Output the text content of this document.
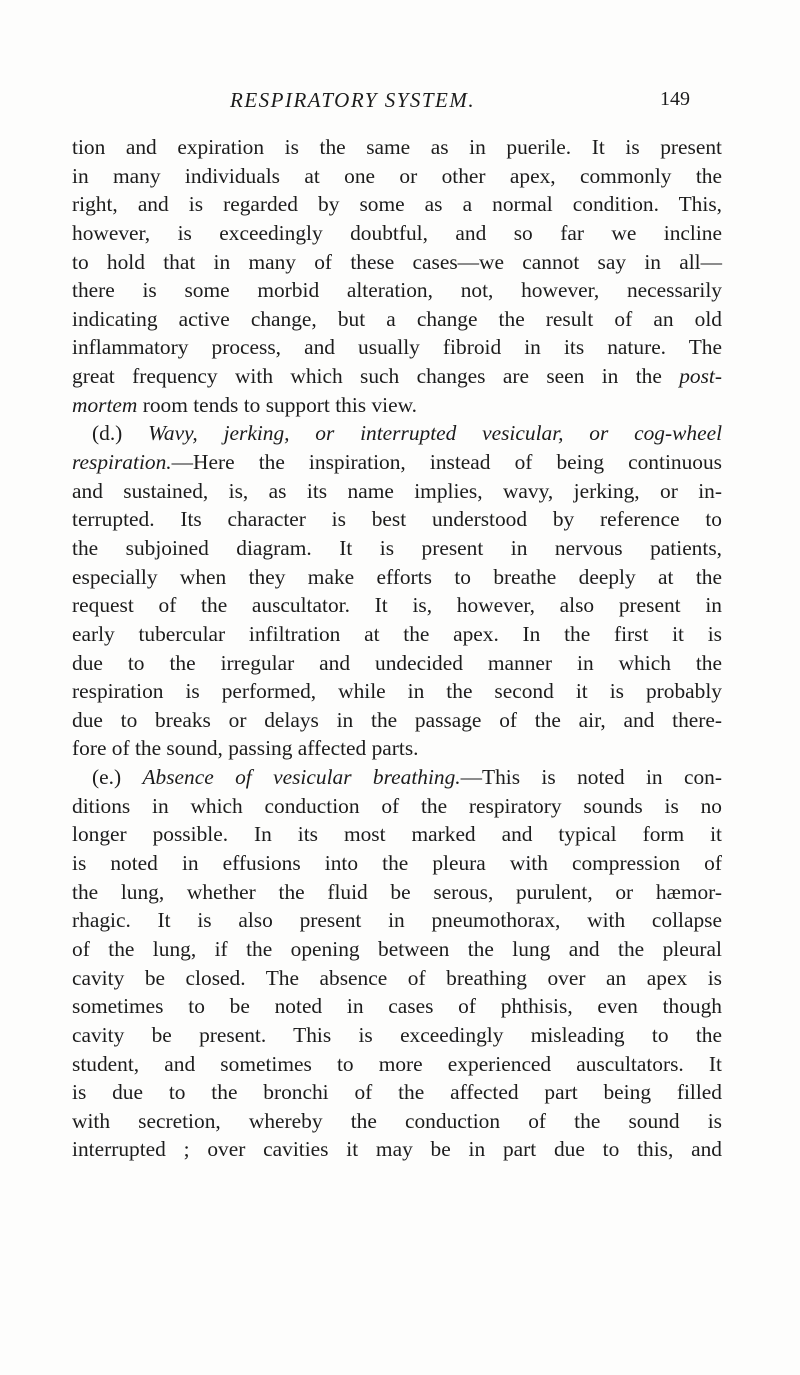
RESPIRATORY SYSTEM.	149
tion and expiration is the same as in puerile. It is present
in many individuals at one or other apex, commonly the
right, and is regarded by some as a normal condition. This,
however, is exceedingly doubtful, and so far we incline
to hold that in many of these cases—we cannot say in all—
there is some morbid alteration, not, however, necessarily
indicating active change, but a change the result of an old
inflammatory process, and usually fibroid in its nature. The
great frequency with which such changes are seen in the post-
mortem room tends to support this view.
(d.) Wavy, jerking, or interrupted vesicular, or cog-wheel
respiration.—Here the inspiration, instead of being continuous
and sustained, is, as its name implies, wavy, jerking, or in-
terrupted. Its character is best understood by reference to
the subjoined diagram. It is present in nervous patients,
especially when they make efforts to breathe deeply at the
request of the auscultator. It is, however, also present in
early tubercular infiltration at the apex. In the first it is
due to the irregular and undecided manner in which the
respiration is performed, while in the second it is probably
due to breaks or delays in the passage of the air, and there-
fore of the sound, passing affected parts.
(e.) Absence of vesicular breathing.—This is noted in con-
ditions in which conduction of the respiratory sounds is no
longer possible. In its most marked and typical form it
is noted in effusions into the pleura with compression of
the lung, whether the fluid be serous, purulent, or hæmor-
rhagic. It is also present in pneumothorax, with collapse
of the lung, if the opening between the lung and the pleural
cavity be closed. The absence of breathing over an apex is
sometimes to be noted in cases of phthisis, even though
cavity be present. This is exceedingly misleading to the
student, and sometimes to more experienced auscultators. It
is due to the bronchi of the affected part being filled
with secretion, whereby the conduction of the sound is
interrupted ; over cavities it may be in part due to this, and
